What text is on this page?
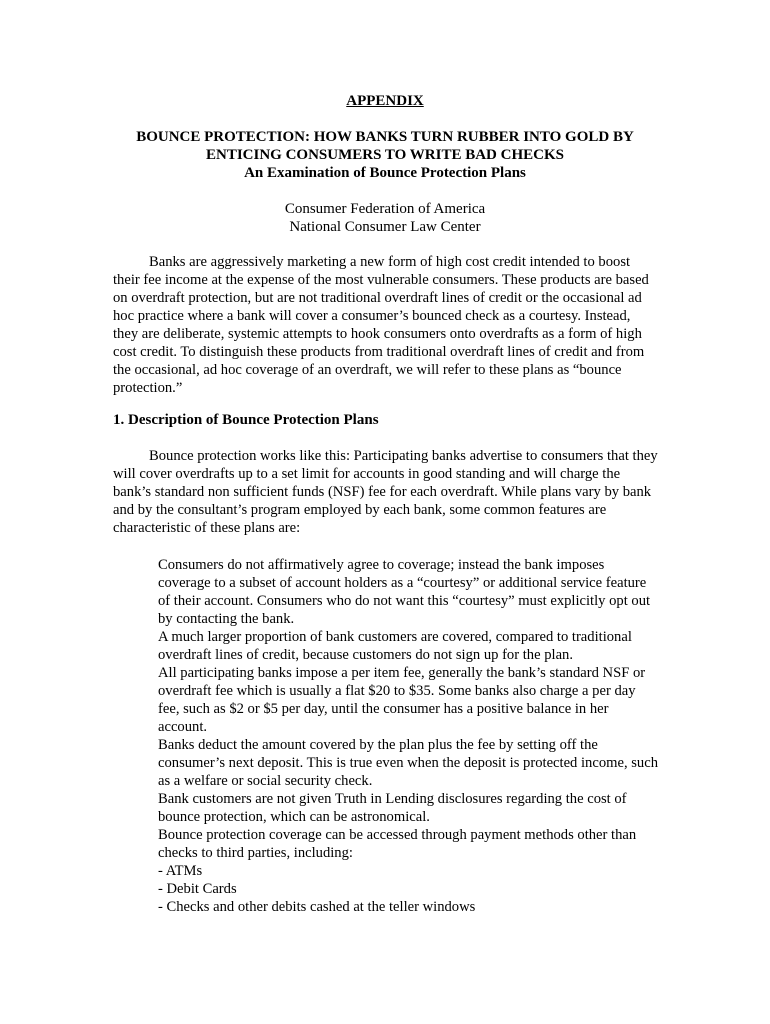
APPENDIX
BOUNCE PROTECTION: HOW BANKS TURN RUBBER INTO GOLD BY
ENTICING CONSUMERS TO WRITE BAD CHECKS
An Examination of Bounce Protection Plans
Consumer Federation of America
National Consumer Law Center
Banks are aggressively marketing a new form of high cost credit intended to boost their fee income at the expense of the most vulnerable consumers. These products are based on overdraft protection, but are not traditional overdraft lines of credit or the occasional ad hoc practice where a bank will cover a consumer’s bounced check as a courtesy. Instead, they are deliberate, systemic attempts to hook consumers onto overdrafts as a form of high cost credit. To distinguish these products from traditional overdraft lines of credit and from the occasional, ad hoc coverage of an overdraft, we will refer to these plans as “bounce protection.”
1. Description of Bounce Protection Plans
Bounce protection works like this: Participating banks advertise to consumers that they will cover overdrafts up to a set limit for accounts in good standing and will charge the bank’s standard non sufficient funds (NSF) fee for each overdraft. While plans vary by bank and by the consultant’s program employed by each bank, some common features are characteristic of these plans are:
Consumers do not affirmatively agree to coverage; instead the bank imposes coverage to a subset of account holders as a “courtesy” or additional service feature of their account. Consumers who do not want this “courtesy” must explicitly opt out by contacting the bank.
A much larger proportion of bank customers are covered, compared to traditional overdraft lines of credit, because customers do not sign up for the plan.
All participating banks impose a per item fee, generally the bank’s standard NSF or overdraft fee which is usually a flat $20 to $35. Some banks also charge a per day fee, such as $2 or $5 per day, until the consumer has a positive balance in her account.
Banks deduct the amount covered by the plan plus the fee by setting off the consumer’s next deposit. This is true even when the deposit is protected income, such as a welfare or social security check.
Bank customers are not given Truth in Lending disclosures regarding the cost of bounce protection, which can be astronomical.
Bounce protection coverage can be accessed through payment methods other than checks to third parties, including:
- ATMs
- Debit Cards
- Checks and other debits cashed at the teller windows
